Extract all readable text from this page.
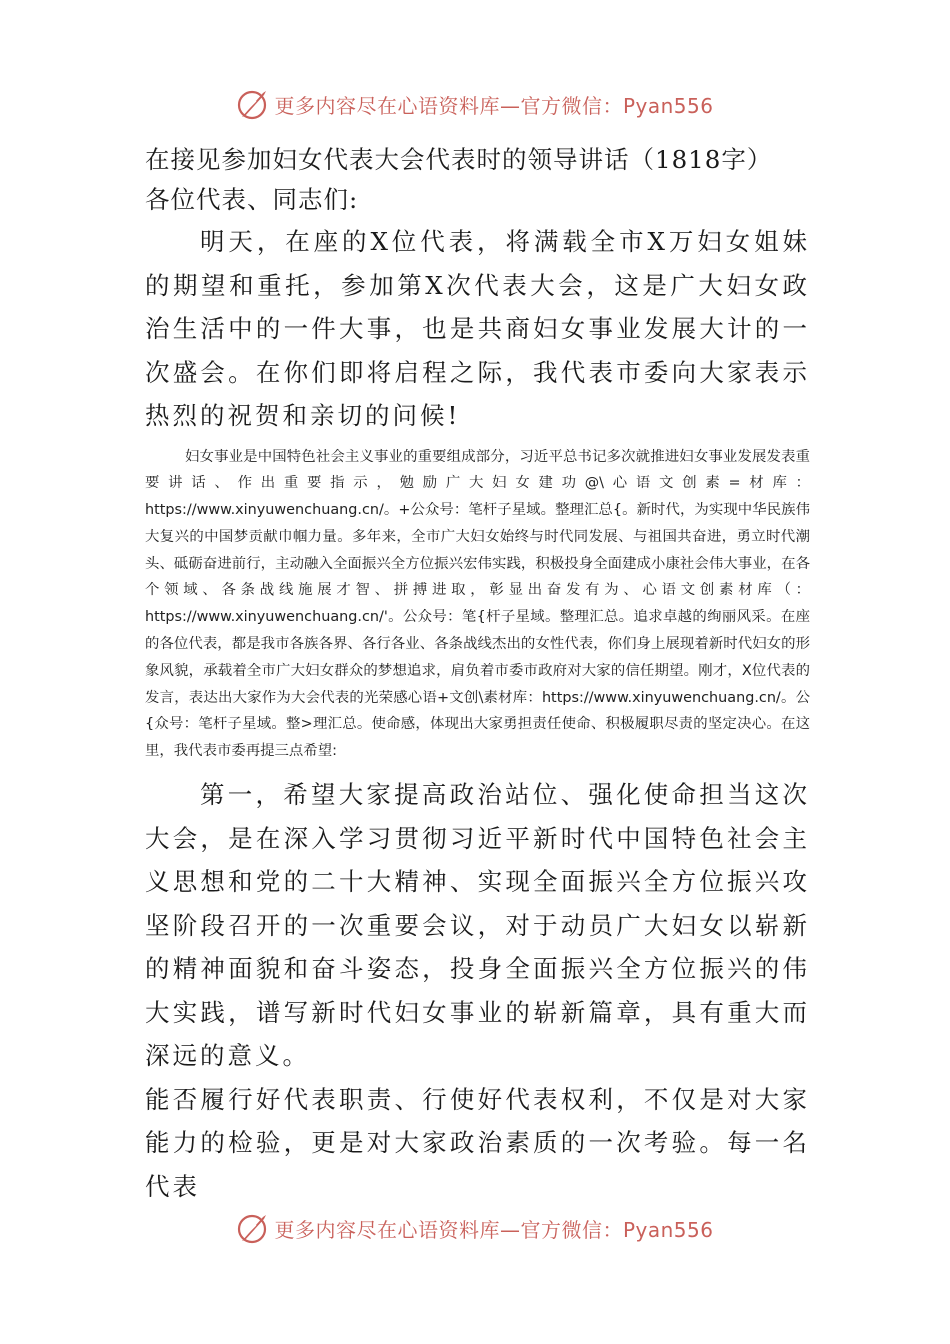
更多内容尽在心语资料库—官方微信：Pyan556
在接见参加妇女代表大会代表时的领导讲话（1818字）
各位代表、同志们:

明天，在座的X位代表，将满载全市X万妇女姐妹的期望和重托，参加第X次代表大会，这是广大妇女政治生活中的一件大事，也是共商妇女事业发展大计的一次盛会。在你们即将启程之际，我代表市委向大家表示热烈的祝贺和亲切的问候!

妇女事业是中国特色社会主义事业的重要组成部分，习近平总书记多次就推进妇女事业发展发表重要讲话、作出重要指示，勉励广大妇女建功@\心语文创素=材库：https://www.xinyuwenchuang.cn/。+公众号：笔杆子星域。整理汇总{。新时代，为实现中华民族伟大复兴的中国梦贡献巾帼力量。多年来，全市广大妇女始终与时代同发展、与祖国共奋进，勇立时代潮头、砥砺奋进前行，主动融入全面振兴全方位振兴宏伟实践，积极投身全面建成小康社会伟大事业，在各个领域、各条战线施展才智、拼搏进取，彰显出奋发有为、心语文创素材库（：https://www.xinyuwenchuang.cn/'。公众号：笔{杆子星域。整理汇总。追求卓越的绚丽风采。在座的各位代表，都是我市各族各界、各行各业、各条战线杰出的女性代表，你们身上展现着新时代妇女的形象风貌，承载着全市广大妇女群众的梦想追求，肩负着市委市政府对大家的信任期望。刚才，X位代表的发言，表达出大家作为大会代表的光荣感心语+文创\素材库：https://www.xinyuwenchuang.cn/。公{众号：笔杆子星域。整>理汇总。使命感，体现出大家勇担责任使命、积极履职尽责的坚定决心。在这里，我代表市委再提三点希望:

第一，希望大家提高政治站位、强化使命担当这次大会，是在深入学习贯彻习近平新时代中国特色社会主义思想和党的二十大精神、实现全面振兴全方位振兴攻坚阶段召开的一次重要会议，对于动员广大妇女以崭新的精神面貌和奋斗姿态，投身全面振兴全方位振兴的伟大实践，谱写新时代妇女事业的崭新篇章，具有重大而深远的意义。

能否履行好代表职责、行使好代表权利，不仅是对大家能力的检验，更是对大家政治素质的一次考验。每一名代表

更多内容尽在心语资料库—官方微信：Pyan556
